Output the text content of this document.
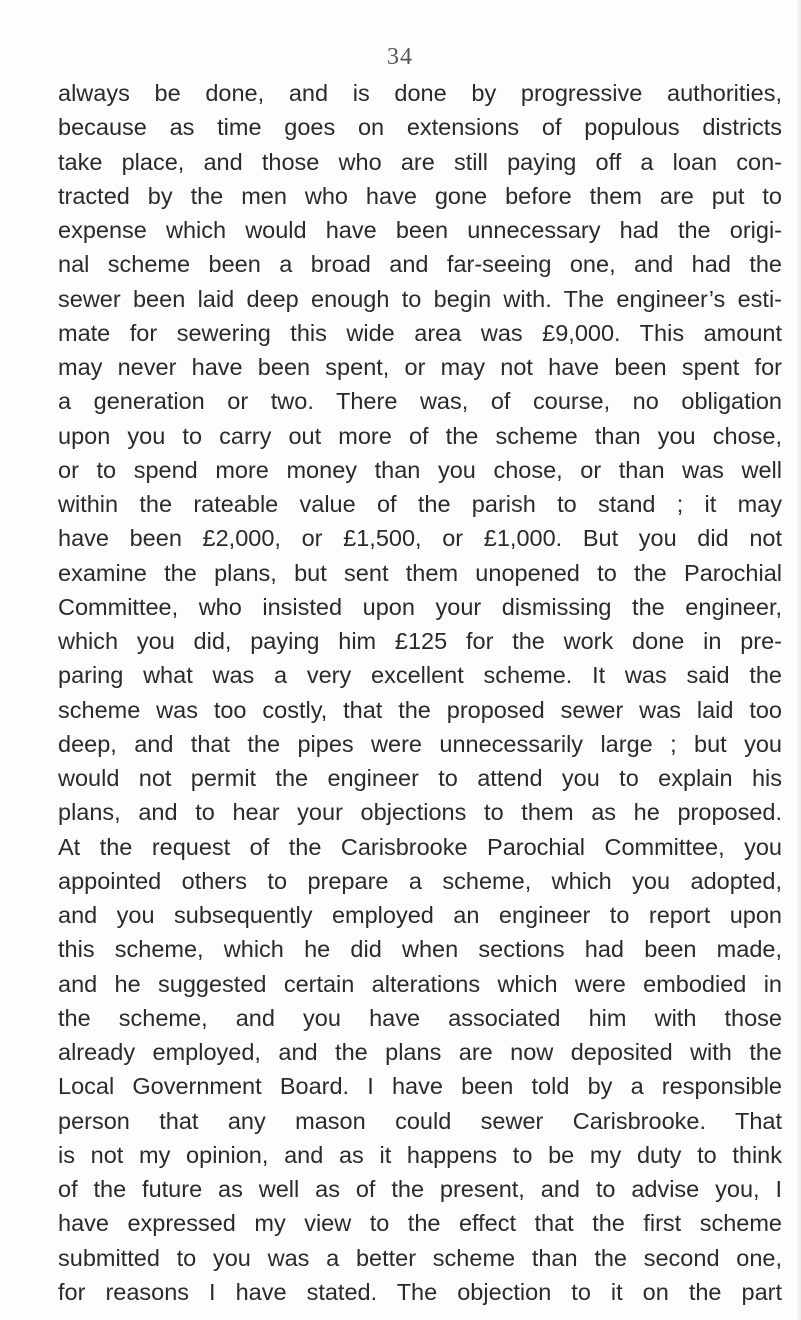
34
always be done, and is done by progressive authorities,
because as time goes on extensions of populous districts
take place, and those who are still paying off a loan con-
tracted by the men who have gone before them are put to
expense which would have been unnecessary had the origi-
nal scheme been a broad and far-seeing one, and had the
sewer been laid deep enough to begin with. The engineer’s esti-
mate for sewering this wide area was £9,000. This amount
may never have been spent, or may not have been spent for
a generation or two. There was, of course, no obligation
upon you to carry out more of the scheme than you chose,
or to spend more money than you chose, or than was well
within the rateable value of the parish to stand ; it may
have been £2,000, or £1,500, or £1,000. But you did not
examine the plans, but sent them unopened to the Parochial
Committee, who insisted upon your dismissing the engineer,
which you did, paying him £125 for the work done in pre-
paring what was a very excellent scheme. It was said the
scheme was too costly, that the proposed sewer was laid too
deep, and that the pipes were unnecessarily large ; but you
would not permit the engineer to attend you to explain his
plans, and to hear your objections to them as he proposed.
At the request of the Carisbrooke Parochial Committee, you
appointed others to prepare a scheme, which you adopted,
and you subsequently employed an engineer to report upon
this scheme, which he did when sections had been made,
and he suggested certain alterations which were embodied in
the scheme, and you have associated him with those
already employed, and the plans are now deposited with the
Local Government Board. I have been told by a responsible
person that any mason could sewer Carisbrooke. That
is not my opinion, and as it happens to be my duty to think
of the future as well as of the present, and to advise you, I
have expressed my view to the effect that the first scheme
submitted to you was a better scheme than the second one,
for reasons I have stated. The objection to it on the part
